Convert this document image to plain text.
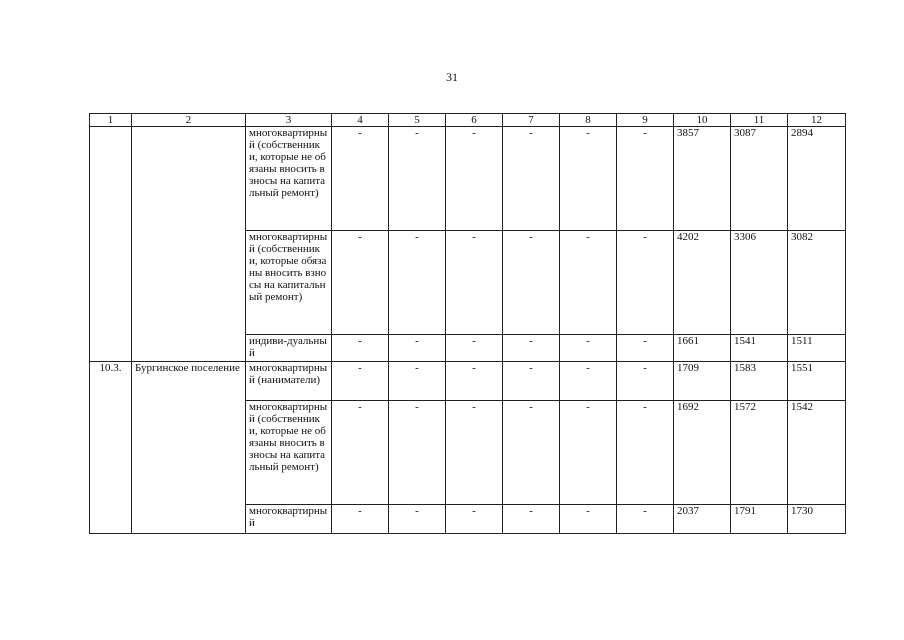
31
1	2	3	4	5	6	7	8	9	10	11	12
		многоквартирный (собственники, которые не обязаны вносить взносы на капитальный ремонт)	-	-	-	-	-	-	3857	3087	2894
		многоквартирный (собственники, которые обязаны вносить взносы на капитальный ремонт)	-	-	-	-	-	-	4202	3306	3082
		индиви-дуальный	-	-	-	-	-	-	1661	1541	1511
10.3.	Бургинское поселение	многоквартирный (наниматели)	-	-	-	-	-	-	1709	1583	1551
		многоквартирный (собственники, которые не обязаны вносить взносы на капитальный ремонт)	-	-	-	-	-	-	1692	1572	1542
		многоквартирный	-	-	-	-	-	-	2037	1791	1730
